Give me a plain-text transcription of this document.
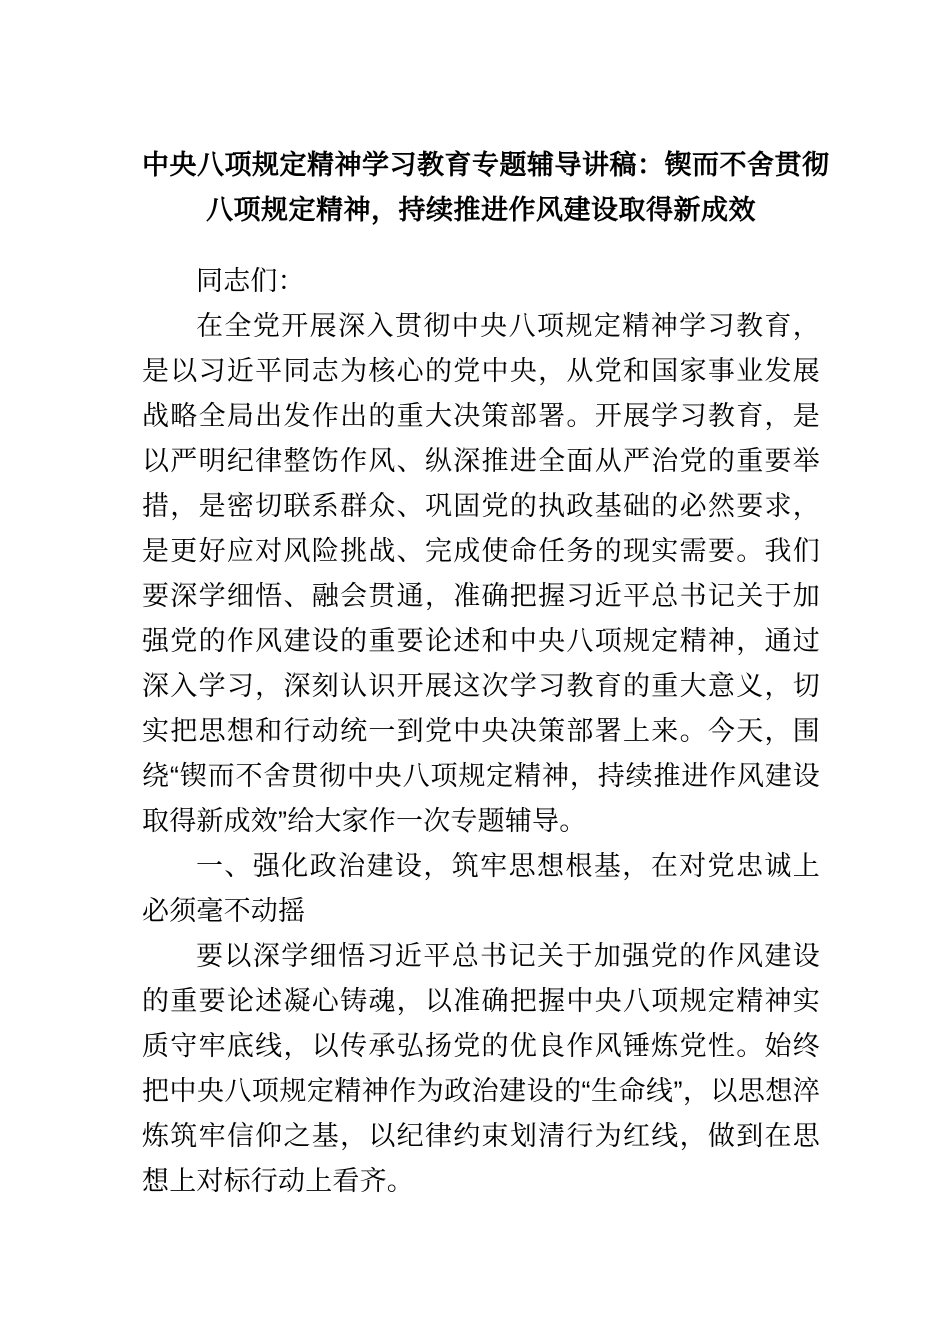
中央八项规定精神学习教育专题辅导讲稿：锲而不舍贯彻
八项规定精神，持续推进作风建设取得新成效

同志们：

在全党开展深入贯彻中央八项规定精神学习教育，是以习近平同志为核心的党中央，从党和国家事业发展战略全局出发作出的重大决策部署。开展学习教育，是以严明纪律整饬作风、纵深推进全面从严治党的重要举措，是密切联系群众、巩固党的执政基础的必然要求，是更好应对风险挑战、完成使命任务的现实需要。我们要深学细悟、融会贯通，准确把握习近平总书记关于加强党的作风建设的重要论述和中央八项规定精神，通过深入学习，深刻认识开展这次学习教育的重大意义，切实把思想和行动统一到党中央决策部署上来。今天，围绕“锲而不舍贯彻中央八项规定精神，持续推进作风建设取得新成效”给大家作一次专题辅导。

一、强化政治建设，筑牢思想根基，在对党忠诚上必须毫不动摇

要以深学细悟习近平总书记关于加强党的作风建设的重要论述凝心铸魂，以准确把握中央八项规定精神实质守牢底线，以传承弘扬党的优良作风锤炼党性。始终把中央八项规定精神作为政治建设的“生命线”，以思想淬炼筑牢信仰之基，以纪律约束划清行为红线，做到在思想上对标行动上看齐。
